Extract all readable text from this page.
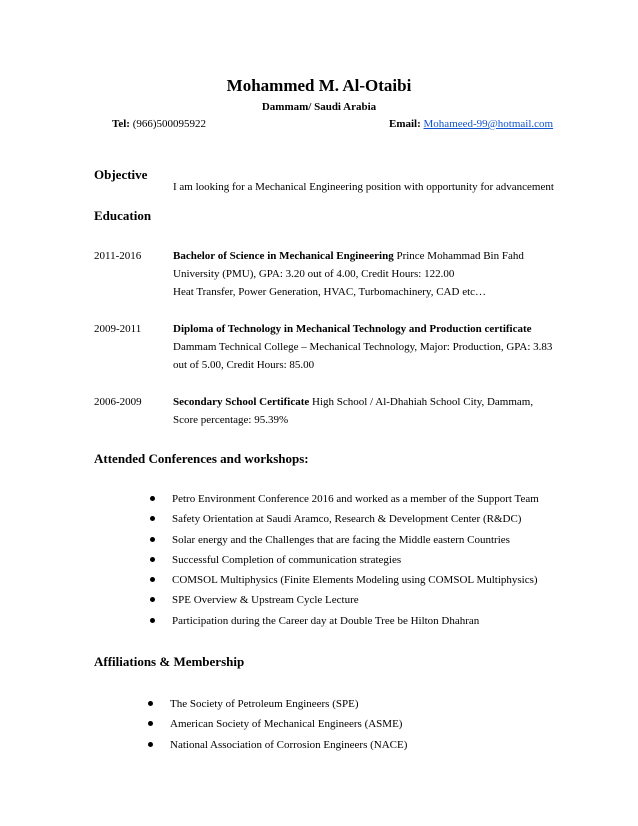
Mohammed M. Al-Otaibi
Dammam/ Saudi Arabia
Tel: (966)500095922	Email: Mohameed-99@hotmail.com
Objective
I am looking for a Mechanical Engineering position with opportunity for advancement
Education
2011-2016	Bachelor of Science in Mechanical Engineering Prince Mohammad Bin Fahd
University (PMU), GPA: 3.20 out of 4.00, Credit Hours: 122.00
Heat Transfer, Power Generation, HVAC, Turbomachinery, CAD etc…
2009-2011	Diploma of Technology in Mechanical Technology and Production certificate
Dammam Technical College – Mechanical Technology, Major: Production, GPA: 3.83
out of 5.00, Credit Hours: 85.00
2006-2009	Secondary School Certificate High School / Al-Dhahiah School City, Dammam,
Score percentage: 95.39%
Attended Conferences and workshops:
Petro Environment Conference 2016 and worked as a member of the Support Team
Safety Orientation at Saudi Aramco, Research & Development Center (R&DC)
Solar energy and the Challenges that are facing the Middle eastern Countries
Successful Completion of communication strategies
COMSOL Multiphysics (Finite Elements Modeling using COMSOL Multiphysics)
SPE Overview & Upstream Cycle Lecture
Participation during the Career day at Double Tree be Hilton Dhahran
Affiliations & Membership
The Society of Petroleum Engineers (SPE)
American Society of Mechanical Engineers (ASME)
National Association of Corrosion Engineers (NACE)
